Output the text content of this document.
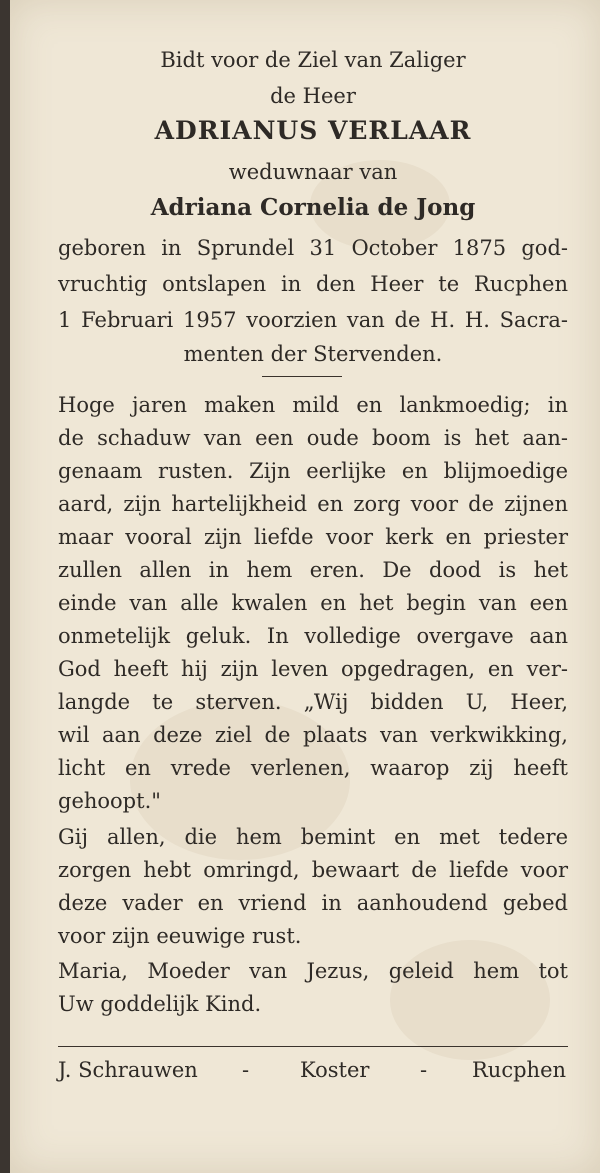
Bidt voor de Ziel van Zaliger
de Heer
ADRIANUS VERLAAR
weduwnaar van
Adriana Cornelia de Jong
geboren in Sprundel 31 October 1875 god-
vruchtig ontslapen in den Heer te Rucphen
1 Februari 1957 voorzien van de H. H. Sacra-
menten der Stervenden.
Hoge jaren maken mild en lankmoedig; in
de schaduw van een oude boom is het aan-
genaam rusten. Zijn eerlijke en blijmoedige
aard, zijn hartelijkheid en zorg voor de zijnen
maar vooral zijn liefde voor kerk en priester
zullen allen in hem eren. De dood is het
einde van alle kwalen en het begin van een
onmetelijk geluk. In volledige overgave aan
God heeft hij zijn leven opgedragen, en ver-
langde te sterven. „Wij bidden U, Heer,
wil aan deze ziel de plaats van verkwikking,
licht en vrede verlenen, waarop zij heeft
gehoopt."
Gij allen, die hem bemint en met tedere
zorgen hebt omringd, bewaart de liefde voor
deze vader en vriend in aanhoudend gebed
voor zijn eeuwige rust.
Maria, Moeder van Jezus, geleid hem tot
Uw goddelijk Kind.
J. Schrauwen - Koster - Rucphen
